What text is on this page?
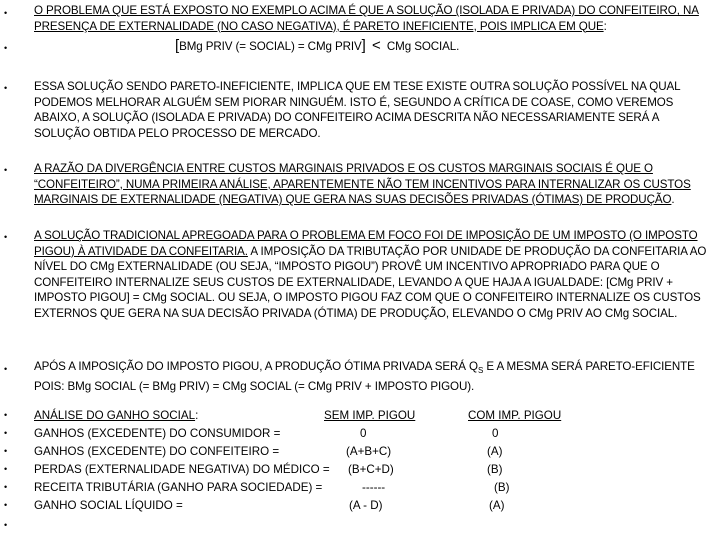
•
•
•
•
•
•
•
•
•
•
•
•
•
O PROBLEMA QUE ESTÁ EXPOSTO NO EXEMPLO ACIMA É QUE A SOLUÇÃO (ISOLADA E PRIVADA) DO CONFEITEIRO, NA PRESENÇA DE EXTERNALIDADE (NO CASO NEGATIVA), É PARETO INEFICIENTE, POIS IMPLICA EM QUE:
[BMg PRIV (= SOCIAL) = CMg PRIV] < CMg SOCIAL.
ESSA SOLUÇÃO SENDO PARETO-INEFICIENTE, IMPLICA QUE EM TESE EXISTE OUTRA SOLUÇÃO POSSÍVEL NA QUAL PODEMOS MELHORAR ALGUÉM SEM PIORAR NINGUÉM. ISTO É, SEGUNDO A CRÍTICA DE COASE, COMO VEREMOS ABAIXO, A SOLUÇÃO (ISOLADA E PRIVADA) DO CONFEITEIRO ACIMA DESCRITA NÃO NECESSARIAMENTE SERÁ A SOLUÇÃO OBTIDA PELO PROCESSO DE MERCADO.
A RAZÃO DA DIVERGÊNCIA ENTRE CUSTOS MARGINAIS PRIVADOS E OS CUSTOS MARGINAIS SOCIAIS É QUE O “CONFEITEIRO”, NUMA PRIMEIRA ANÁLISE, APARENTEMENTE NÃO TEM INCENTIVOS PARA INTERNALIZAR OS CUSTOS MARGINAIS DE EXTERNALIDADE (NEGATIVA) QUE GERA NAS SUAS DECISÕES PRIVADAS (ÓTIMAS) DE PRODUÇÃO.
A SOLUÇÃO TRADICIONAL APREGOADA PARA O PROBLEMA EM FOCO FOI DE IMPOSIÇÃO DE UM IMPOSTO (O IMPOSTO PIGOU) À ATIVIDADE DA CONFEITARIA. A IMPOSIÇÃO DA TRIBUTAÇÃO POR UNIDADE DE PRODUÇÃO DA CONFEITARIA AO NÍVEL DO CMg EXTERNALIDADE (OU SEJA, “IMPOSTO PIGOU”) PROVÊ UM INCENTIVO APROPRIADO PARA QUE O CONFEITEIRO INTERNALIZE SEUS CUSTOS DE EXTERNALIDADE, LEVANDO A QUE HAJA A IGUALDADE: [CMg PRIV + IMPOSTO PIGOU] = CMg SOCIAL. OU SEJA, O IMPOSTO PIGOU FAZ COM QUE O CONFEITEIRO INTERNALIZE OS CUSTOS EXTERNOS QUE GERA NA SUA DECISÃO PRIVADA (ÓTIMA) DE PRODUÇÃO, ELEVANDO O CMg PRIV AO CMg SOCIAL.
APÓS A IMPOSIÇÃO DO IMPOSTO PIGOU, A PRODUÇÃO ÓTIMA PRIVADA SERÁ $Q_S$ E A MESMA SERÁ PARETO-EFICIENTE POIS: BMg SOCIAL (= BMg PRIV) = CMg SOCIAL (= CMg PRIV + IMPOSTO PIGOU).
ANÁLISE DO GANHO SOCIAL:	SEM IMP. PIGOU	COM IMP. PIGOU
GANHOS (EXCEDENTE) DO CONSUMIDOR =	0	0
GANHOS (EXCEDENTE) DO CONFEITEIRO =	(A+B+C)	(A)
PERDAS (EXTERNALIDADE NEGATIVA) DO MÉDICO = (B+C+D)	(B)
RECEITA TRIBUTÁRIA (GANHO PARA SOCIEDADE) =	------	(B)
GANHO SOCIAL LÍQUIDO =	(A - D)	(A)
